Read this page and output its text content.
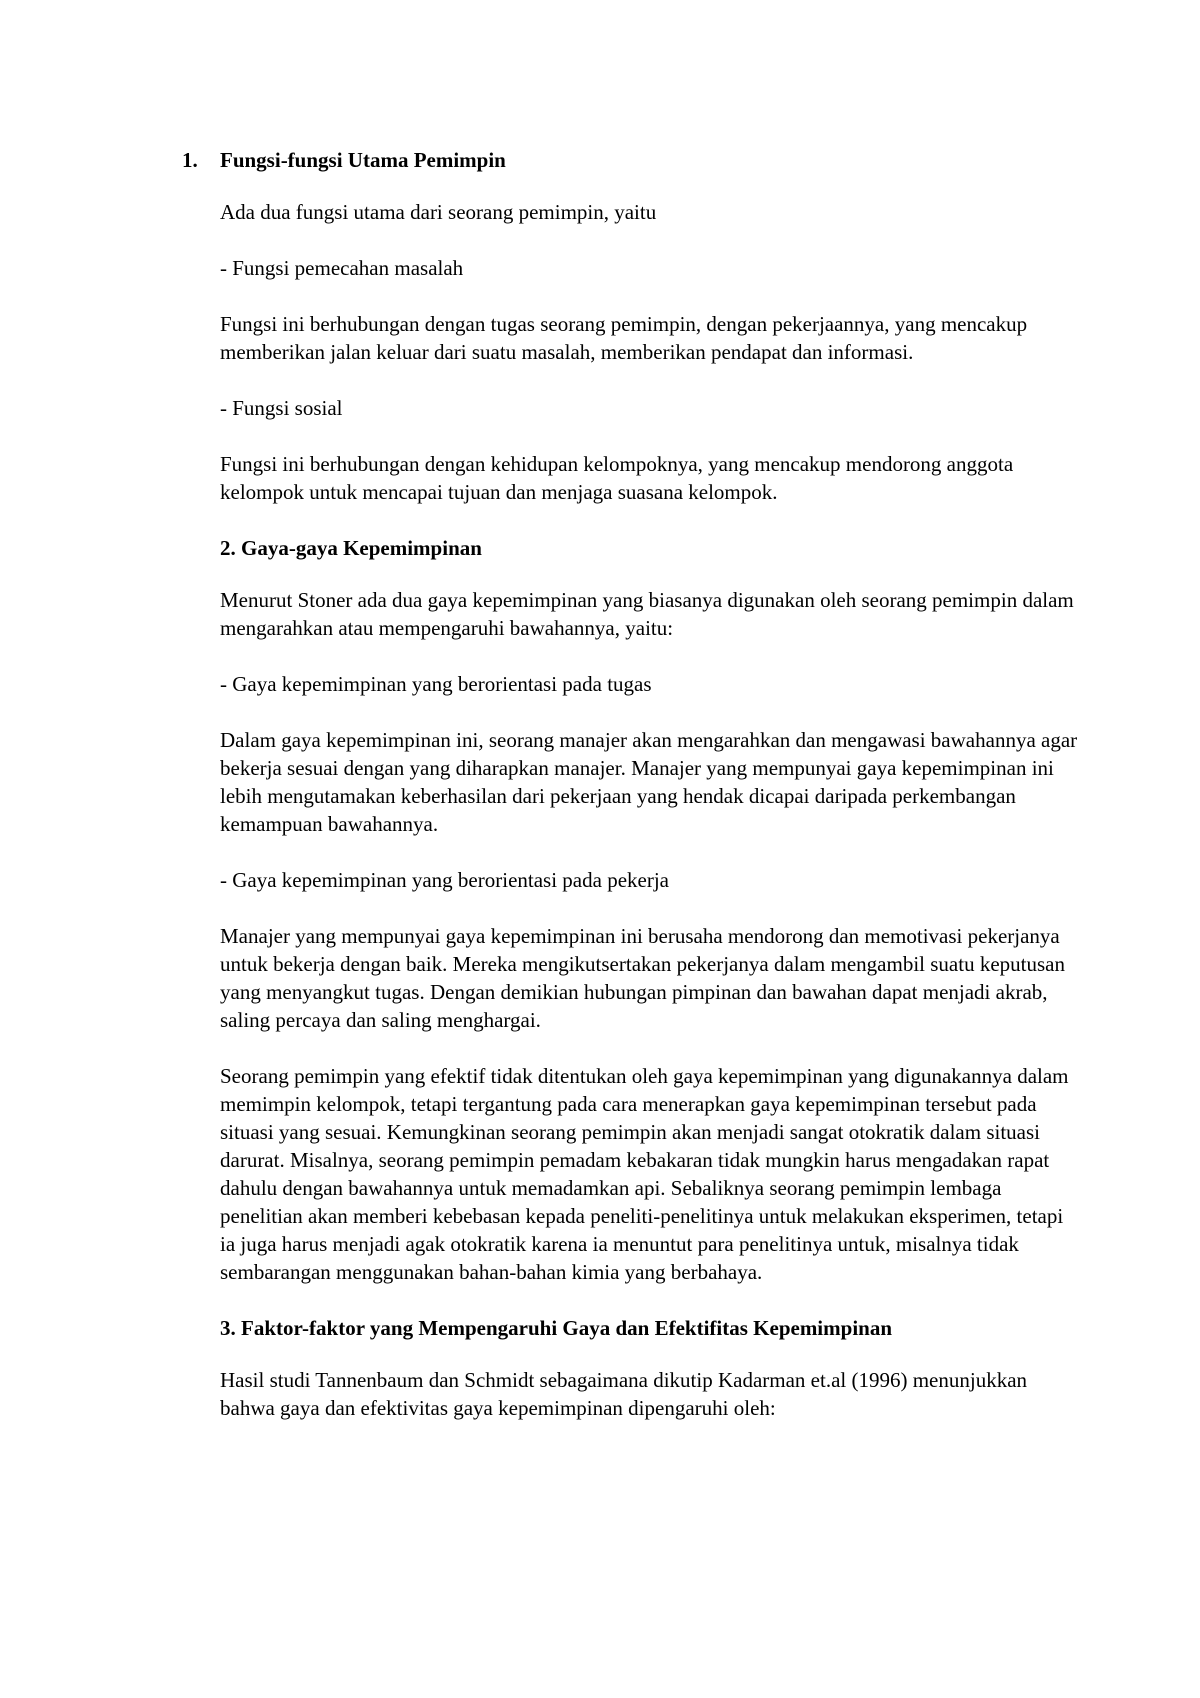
1. Fungsi-fungsi Utama Pemimpin

Ada dua fungsi utama dari seorang pemimpin, yaitu

- Fungsi pemecahan masalah

Fungsi ini berhubungan dengan tugas seorang pemimpin, dengan pekerjaannya, yang mencakup memberikan jalan keluar dari suatu masalah, memberikan pendapat dan informasi.

- Fungsi sosial

Fungsi ini berhubungan dengan kehidupan kelompoknya, yang mencakup mendorong anggota kelompok untuk mencapai tujuan dan menjaga suasana kelompok.

2. Gaya-gaya Kepemimpinan

Menurut Stoner ada dua gaya kepemimpinan yang biasanya digunakan oleh seorang pemimpin dalam mengarahkan atau mempengaruhi bawahannya, yaitu:

- Gaya kepemimpinan yang berorientasi pada tugas

Dalam gaya kepemimpinan ini, seorang manajer akan mengarahkan dan mengawasi bawahannya agar bekerja sesuai dengan yang diharapkan manajer. Manajer yang mempunyai gaya kepemimpinan ini lebih mengutamakan keberhasilan dari pekerjaan yang hendak dicapai daripada perkembangan kemampuan bawahannya.

- Gaya kepemimpinan yang berorientasi pada pekerja

Manajer yang mempunyai gaya kepemimpinan ini berusaha mendorong dan memotivasi pekerjanya untuk bekerja dengan baik. Mereka mengikutsertakan pekerjanya dalam mengambil suatu keputusan yang menyangkut tugas. Dengan demikian hubungan pimpinan dan bawahan dapat menjadi akrab, saling percaya dan saling menghargai.

Seorang pemimpin yang efektif tidak ditentukan oleh gaya kepemimpinan yang digunakannya dalam memimpin kelompok, tetapi tergantung pada cara menerapkan gaya kepemimpinan tersebut pada situasi yang sesuai. Kemungkinan seorang pemimpin akan menjadi sangat otokratik dalam situasi darurat. Misalnya, seorang pemimpin pemadam kebakaran tidak mungkin harus mengadakan rapat dahulu dengan bawahannya untuk memadamkan api. Sebaliknya seorang pemimpin lembaga penelitian akan memberi kebebasan kepada peneliti-penelitinya untuk melakukan eksperimen, tetapi ia juga harus menjadi agak otokratik karena ia menuntut para penelitinya untuk, misalnya tidak sembarangan menggunakan bahan-bahan kimia yang berbahaya.

3. Faktor-faktor yang Mempengaruhi Gaya dan Efektifitas Kepemimpinan

Hasil studi Tannenbaum dan Schmidt sebagaimana dikutip Kadarman et.al (1996) menunjukkan bahwa gaya dan efektivitas gaya kepemimpinan dipengaruhi oleh:
